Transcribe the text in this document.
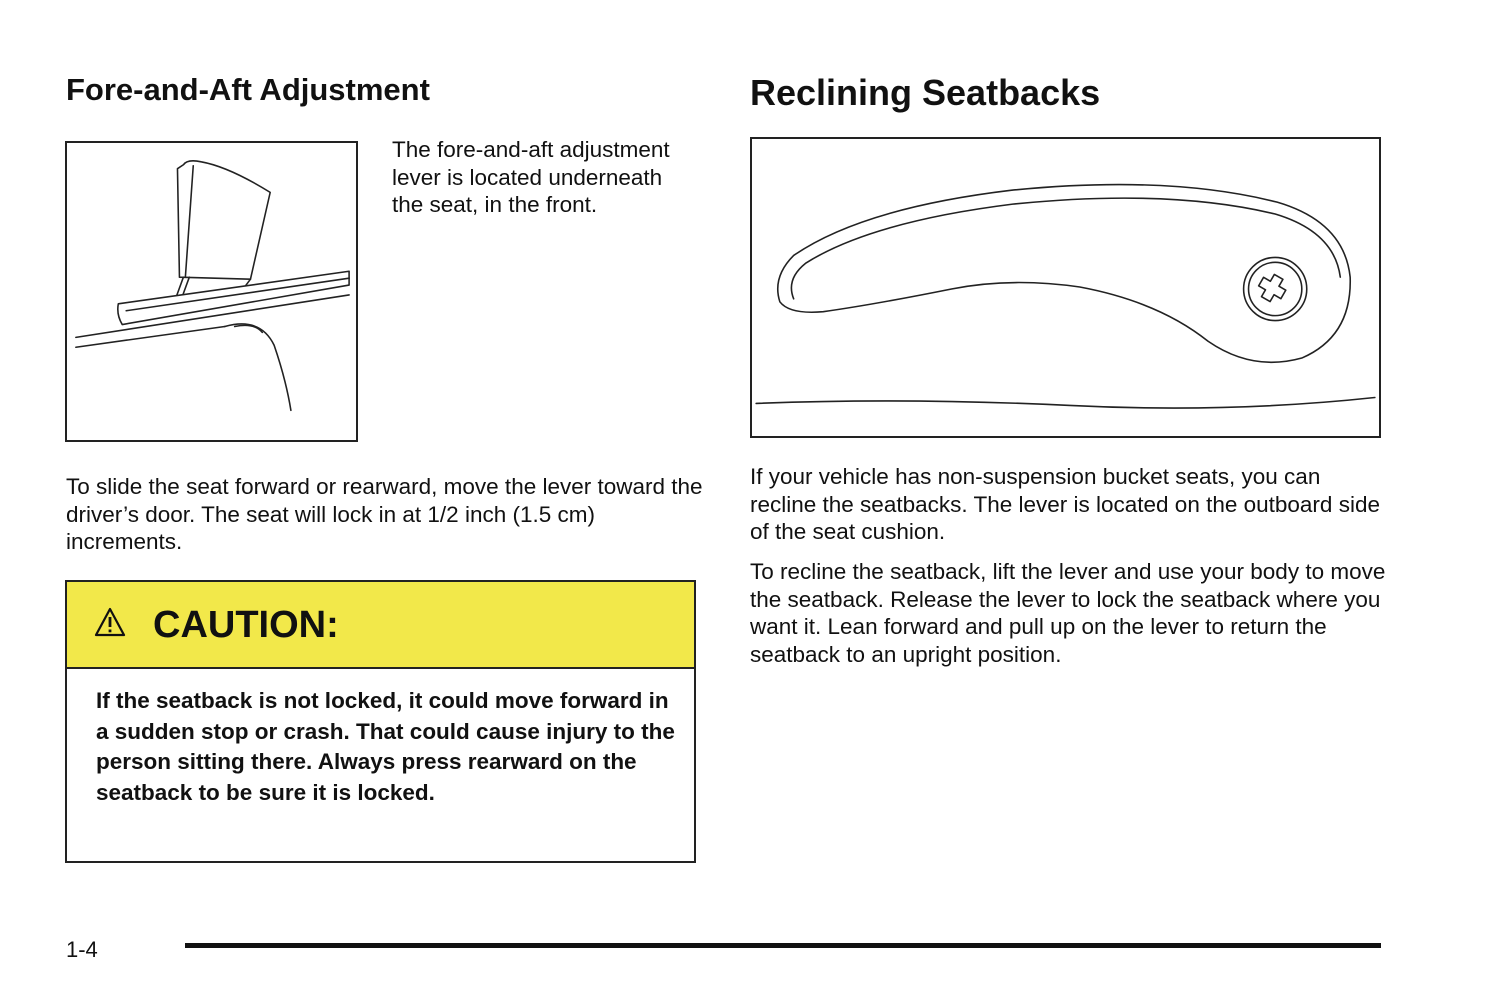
Fore-and-Aft Adjustment

The fore-and-aft adjustment lever is located underneath the seat, in the front.

To slide the seat forward or rearward, move the lever toward the driver’s door. The seat will lock in at 1/2 inch (1.5 cm) increments.

CAUTION:

If the seatback is not locked, it could move forward in a sudden stop or crash. That could cause injury to the person sitting there. Always press rearward on the seatback to be sure it is locked.

Reclining Seatbacks

If your vehicle has non-suspension bucket seats, you can recline the seatbacks. The lever is located on the outboard side of the seat cushion.

To recline the seatback, lift the lever and use your body to move the seatback. Release the lever to lock the seatback where you want it. Lean forward and pull up on the lever to return the seatback to an upright position.

1-4
